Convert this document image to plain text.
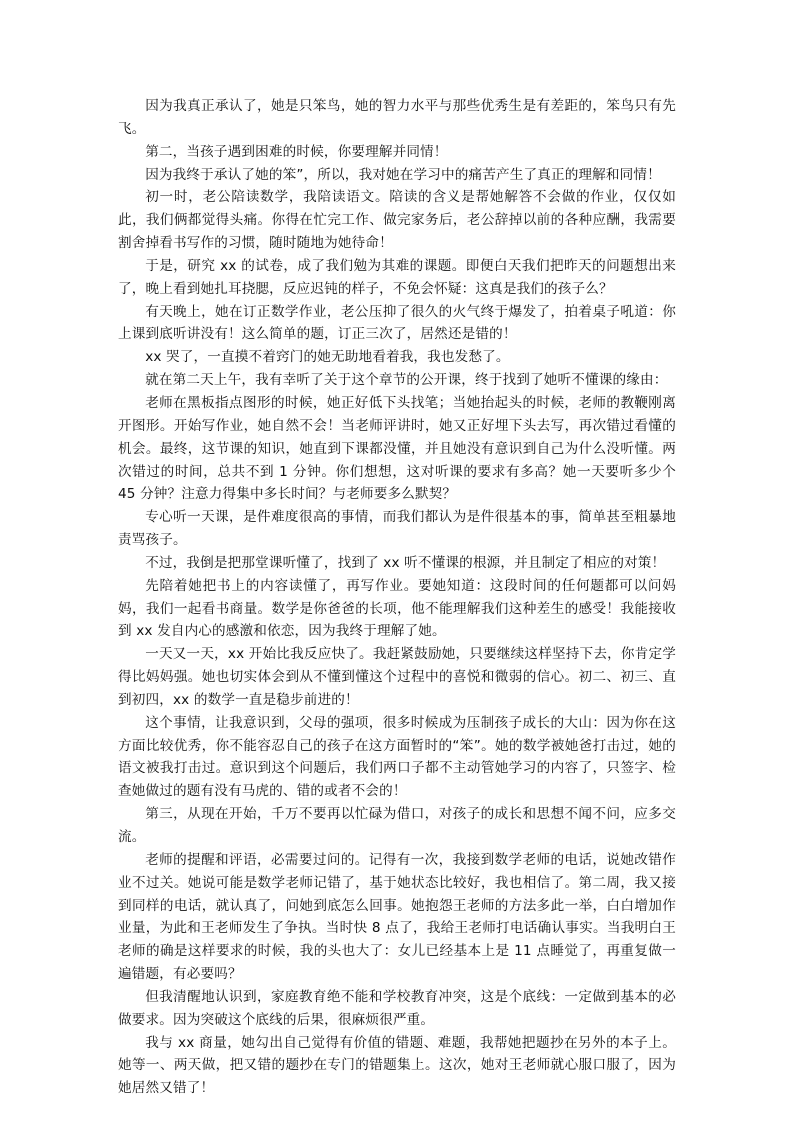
因为我真正承认了，她是只笨鸟，她的智力水平与那些优秀生是有差距的，笨鸟只有先飞。

第二，当孩子遇到困难的时候，你要理解并同情！

因为我终于承认了她的笨”，所以，我对她在学习中的痛苦产生了真正的理解和同情！

初一时，老公陪读数学，我陪读语文。陪读的含义是帮她解答不会做的作业，仅仅如此，我们俩都觉得头痛。你得在忙完工作、做完家务后，老公辞掉以前的各种应酬，我需要割舍掉看书写作的习惯，随时随地为她待命！

于是，研究 xx 的试卷，成了我们勉为其难的课题。即便白天我们把昨天的问题想出来了，晚上看到她扎耳挠腮，反应迟钝的样子，不免会怀疑：这真是我们的孩子么？

有天晚上，她在订正数学作业，老公压抑了很久的火气终于爆发了，拍着桌子吼道：你上课到底听讲没有！这么简单的题，订正三次了，居然还是错的！

xx 哭了，一直摸不着窍门的她无助地看着我，我也发愁了。

就在第二天上午，我有幸听了关于这个章节的公开课，终于找到了她听不懂课的缘由：

老师在黑板指点图形的时候，她正好低下头找笔；当她抬起头的时候，老师的教鞭刚离开图形。开始写作业，她自然不会！当老师评讲时，她又正好埋下头去写，再次错过看懂的机会。最终，这节课的知识，她直到下课都没懂，并且她没有意识到自己为什么没听懂。两次错过的时间，总共不到 1 分钟。你们想想，这对听课的要求有多高？她一天要听多少个 45 分钟？注意力得集中多长时间？与老师要多么默契？

专心听一天课，是件难度很高的事情，而我们都认为是件很基本的事，简单甚至粗暴地责骂孩子。

不过，我倒是把那堂课听懂了，找到了 xx 听不懂课的根源，并且制定了相应的对策！

先陪着她把书上的内容读懂了，再写作业。要她知道：这段时间的任何题都可以问妈妈，我们一起看书商量。数学是你爸爸的长项，他不能理解我们这种差生的感受！我能接收到 xx 发自内心的感激和依恋，因为我终于理解了她。

一天又一天，xx 开始比我反应快了。我赶紧鼓励她，只要继续这样坚持下去，你肯定学得比妈妈强。她也切实体会到从不懂到懂这个过程中的喜悦和微弱的信心。初二、初三、直到初四，xx 的数学一直是稳步前进的！

这个事情，让我意识到，父母的强项，很多时候成为压制孩子成长的大山：因为你在这方面比较优秀，你不能容忍自己的孩子在这方面暂时的“笨”。她的数学被她爸打击过，她的语文被我打击过。意识到这个问题后，我们两口子都不主动管她学习的内容了，只签字、检查她做过的题有没有马虎的、错的或者不会的！

第三，从现在开始，千万不要再以忙碌为借口，对孩子的成长和思想不闻不问，应多交流。

老师的提醒和评语，必需要过问的。记得有一次，我接到数学老师的电话，说她改错作业不过关。她说可能是数学老师记错了，基于她状态比较好，我也相信了。第二周，我又接到同样的电话，就认真了，问她到底怎么回事。她抱怨王老师的方法多此一举，白白增加作业量，为此和王老师发生了争执。当时快 8 点了，我给王老师打电话确认事实。当我明白王老师的确是这样要求的时候，我的头也大了：女儿已经基本上是 11 点睡觉了，再重复做一遍错题，有必要吗？

但我清醒地认识到，家庭教育绝不能和学校教育冲突，这是个底线：一定做到基本的必做要求。因为突破这个底线的后果，很麻烦很严重。

我与 xx 商量，她勾出自己觉得有价值的错题、难题，我帮她把题抄在另外的本子上。她等一、两天做，把又错的题抄在专门的错题集上。这次，她对王老师就心服口服了，因为她居然又错了！
